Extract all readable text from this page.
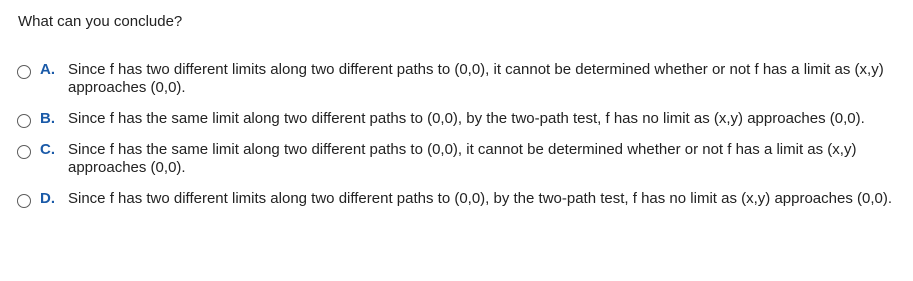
What can you conclude?
A. Since f has two different limits along two different paths to (0,0), it cannot be determined whether or not f has a limit as (x,y) approaches (0,0).
B. Since f has the same limit along two different paths to (0,0), by the two-path test, f has no limit as (x,y) approaches (0,0).
C. Since f has the same limit along two different paths to (0,0), it cannot be determined whether or not f has a limit as (x,y) approaches (0,0).
D. Since f has two different limits along two different paths to (0,0), by the two-path test, f has no limit as (x,y) approaches (0,0).
